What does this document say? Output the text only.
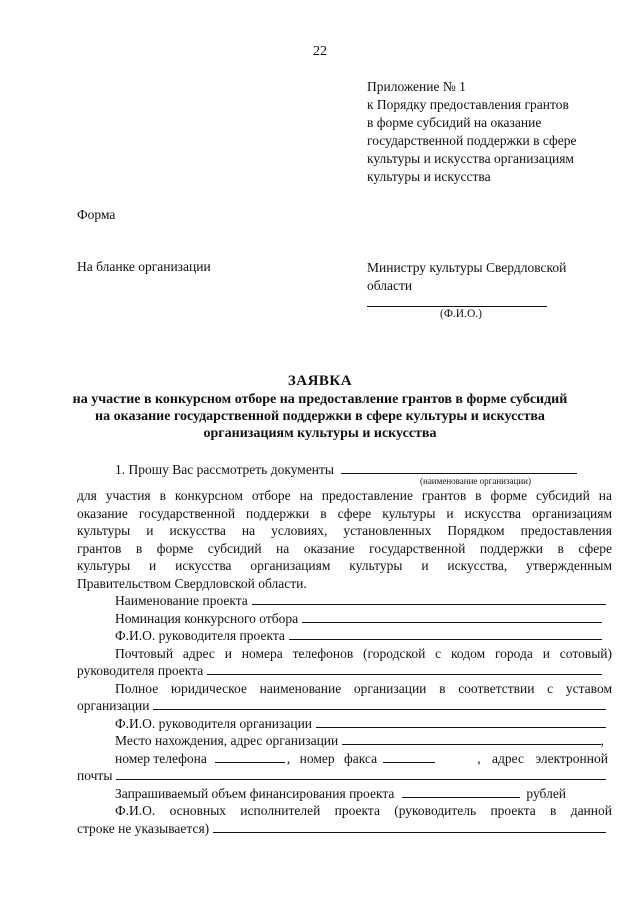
22
Приложение № 1
к Порядку предоставления грантов
в форме субсидий на оказание
государственной поддержки в сфере
культуры и искусства организациям
культуры и искусства
Форма
На бланке организации	Министру культуры Свердловской
области
(Ф.И.О.)
ЗАЯВКА
на участие в конкурсном отборе на предоставление грантов в форме субсидий
на оказание государственной поддержки в сфере культуры и искусства
организациям культуры и искусства
1. Прошу Вас рассмотреть документы
(наименование организации)
для участия в конкурсном отборе на предоставление грантов в форме субсидий на
оказание государственной поддержки в сфере культуры и искусства организациям
культуры и искусства на условиях, установленных Порядком предоставления
грантов в форме субсидий на оказание государственной поддержки в сфере
культуры и искусства организациям культуры и искусства, утвержденным
Правительством Свердловской области.
Наименование проекта
Номинация конкурсного отбора
Ф.И.О. руководителя проекта
Почтовый адрес и номера телефонов (городской с кодом города и сотовый)
руководителя проекта
Полное юридическое наименование организации в соответствии с уставом
организации
Ф.И.О. руководителя организации
Место нахождения, адрес организации	,
номер телефона	, номер факса	, адрес электронной
почты
Запрашиваемый объем финансирования проекта	рублей
Ф.И.О. основных исполнителей проекта (руководитель проекта в данной
строке не указывается)
